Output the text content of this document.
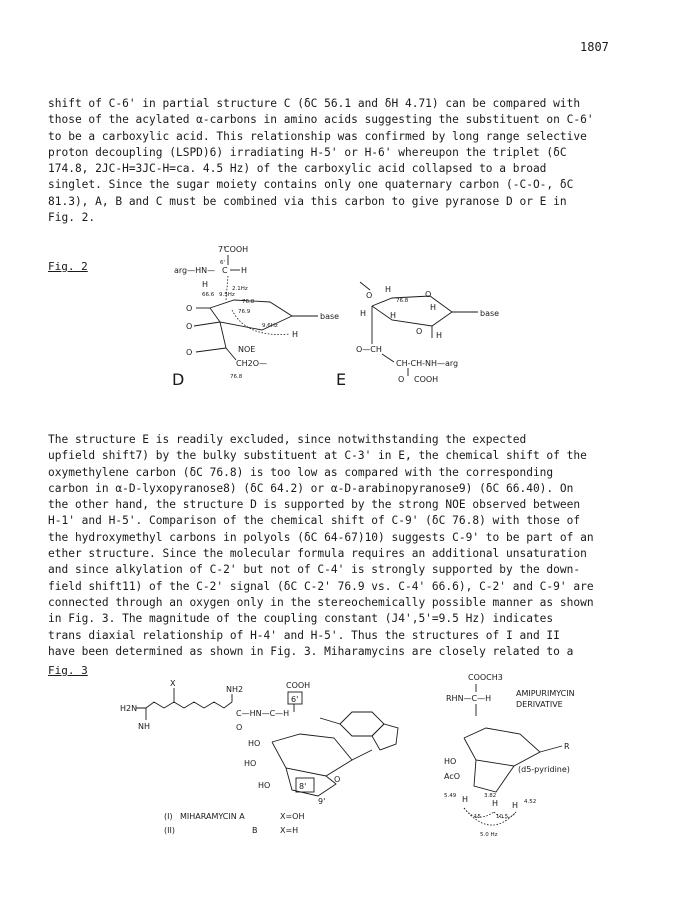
1807
shift of C-6' in partial structure C (δC 56.1 and δH 4.71) can be compared with
those of the acylated α-carbons in amino acids suggesting the substituent on C-6'
to be a carboxylic acid. This relationship was confirmed by long range selective
proton decoupling (LSPD)6) irradiating H-5' or H-6' whereupon the triplet (δC
174.8, 2JC-H=3JC-H=ca. 4.5 Hz) of the carboxylic acid collapsed to a broad
singlet. Since the sugar moiety contains only one quaternary carbon (-C-O-, δC
81.3), A, B and C must be combined via this carbon to give pyranose D or E in
Fig. 2.
Fig. 2
7'
COOH
6'
arg—HN— C H
H	2.1Hz
66.6 9.5Hz
76.8
76.9
9.6Hz
O
O
base
H
NOE
O
CH2O—
76.8
D
O
H
76.8
O
H	H
H
base
O H
O—CH
CH-CH-NH—arg
O COOH
E
X
NH2	COOH
H2N
NH
C—HN—C—H
O
6'
HO
HO
O
8'
HO
9'
(I) MIHARAMYCIN A	X=OH
(II)	B	X=H
COOCH3
RHN—C—H
AMIPURIMYCIN
DERIVATIVE
R
HO
(d5-pyridine)
AcO
5.49	3.82
4.52
H	H H
15	10.5
5.0 Hz
The structure E is readily excluded, since notwithstanding the expected
upfield shift7) by the bulky substituent at C-3' in E, the chemical shift of the
oxymethylene carbon (δC 76.8) is too low as compared with the corresponding
carbon in α-D-lyxopyranose8) (δC 64.2) or α-D-arabinopyranose9) (δC 66.40). On
the other hand, the structure D is supported by the strong NOE observed between
H-1' and H-5'. Comparison of the chemical shift of C-9' (δC 76.8) with those of
the hydroxymethyl carbons in polyols (δC 64-67)10) suggests C-9' to be part of an
ether structure. Since the molecular formula requires an additional unsaturation
and since alkylation of C-2' but not of C-4' is strongly supported by the down-
field shift11) of the C-2' signal (δC C-2' 76.9 vs. C-4' 66.6), C-2' and C-9' are
connected through an oxygen only in the stereochemically possible manner as shown
in Fig. 3. The magnitude of the coupling constant (J4',5'=9.5 Hz) indicates
trans diaxial relationship of H-4' and H-5'. Thus the structures of I and II
have been determined as shown in Fig. 3. Miharamycins are closely related to a
Fig. 3
